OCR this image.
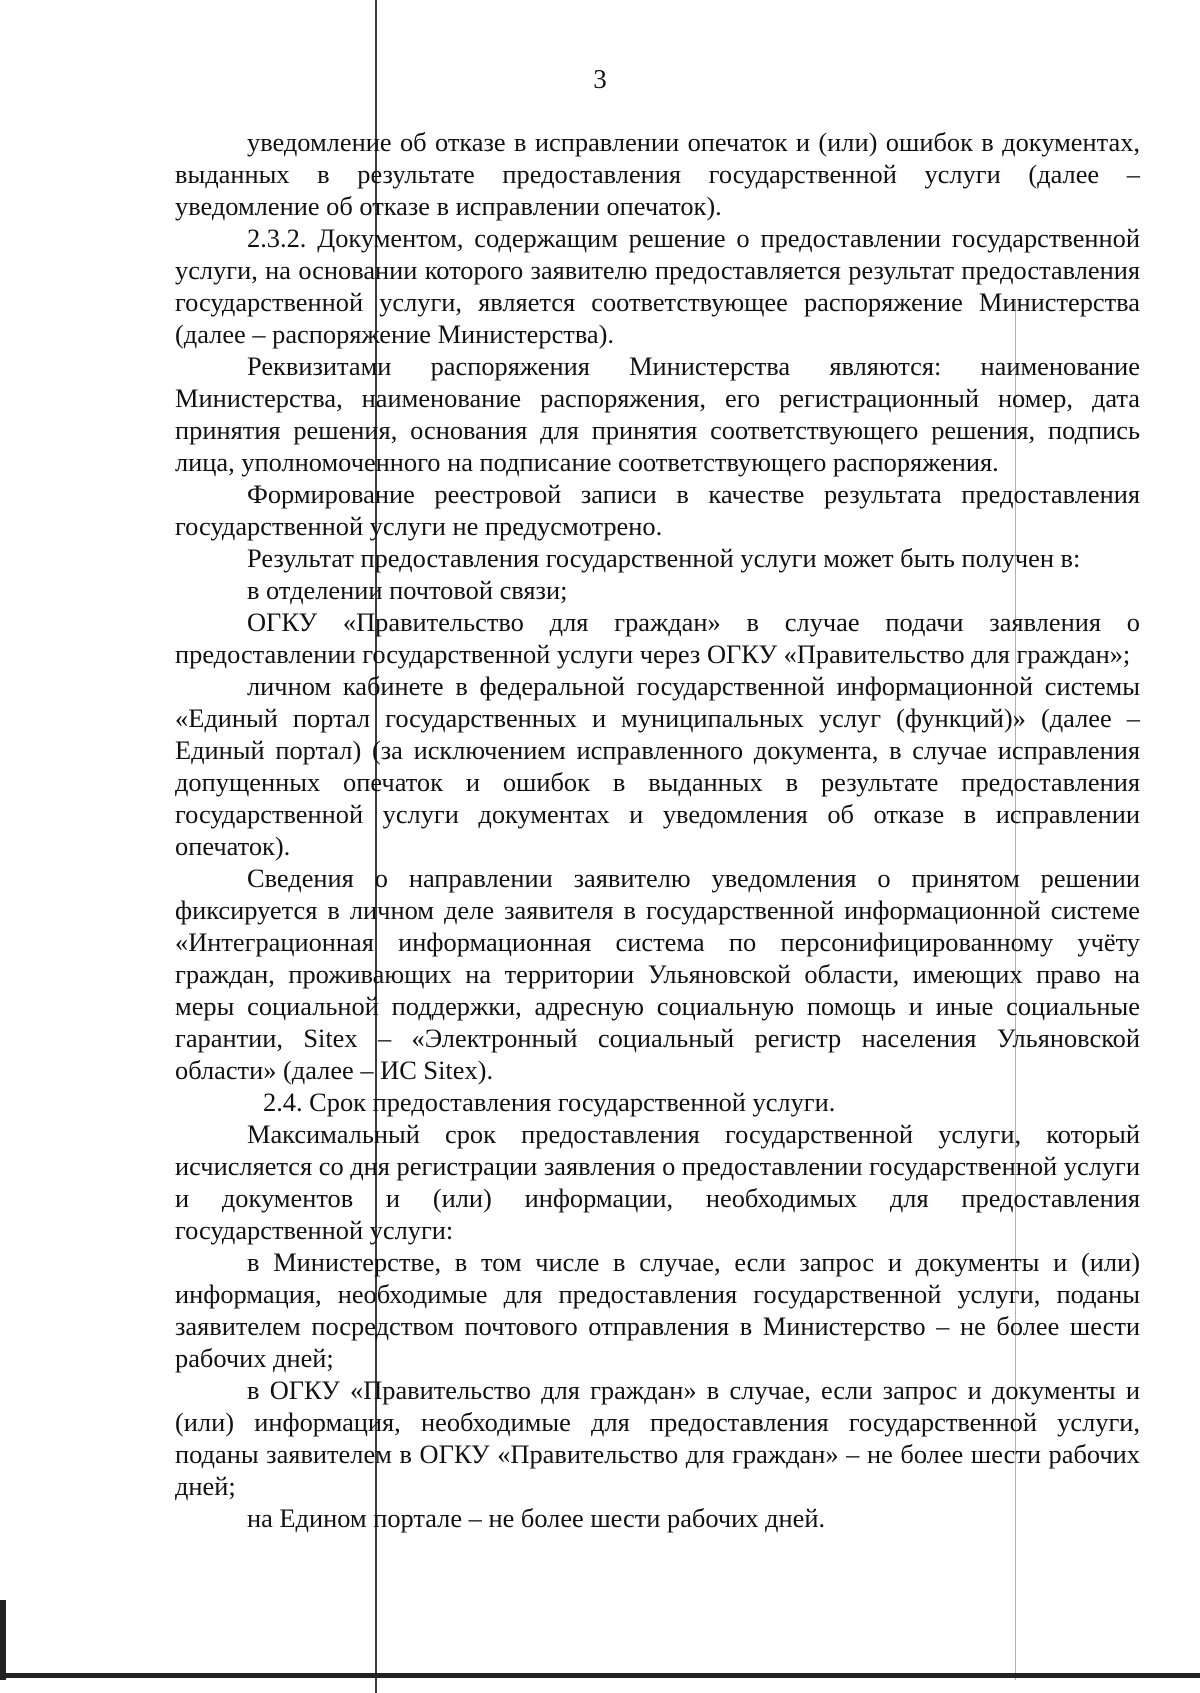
3

уведомление об отказе в исправлении опечаток и (или) ошибок в документах, выданных в результате предоставления государственной услуги (далее – уведомление об отказе в исправлении опечаток).

2.3.2. Документом, содержащим решение о предоставлении государственной услуги, на основании которого заявителю предоставляется результат предоставления государственной услуги, является соответствующее распоряжение Министерства (далее – распоряжение Министерства).

Реквизитами распоряжения Министерства являются: наименование Министерства, наименование распоряжения, его регистрационный номер, дата принятия решения, основания для принятия соответствующего решения, подпись лица, уполномоченного на подписание соответствующего распоряжения.

Формирование реестровой записи в качестве результата предоставления государственной услуги не предусмотрено.

Результат предоставления государственной услуги может быть получен в:

в отделении почтовой связи;

ОГКУ «Правительство для граждан» в случае подачи заявления о предоставлении государственной услуги через ОГКУ «Правительство для граждан»;

личном кабинете в федеральной государственной информационной системы «Единый портал государственных и муниципальных услуг (функций)» (далее – Единый портал) (за исключением исправленного документа, в случае исправления допущенных опечаток и ошибок в выданных в результате предоставления государственной услуги документах и уведомления об отказе в исправлении опечаток).

Сведения о направлении заявителю уведомления о принятом решении фиксируется в личном деле заявителя в государственной информационной системе «Интеграционная информационная система по персонифицированному учёту граждан, проживающих на территории Ульяновской области, имеющих право на меры социальной поддержки, адресную социальную помощь и иные социальные гарантии, Sitex – «Электронный социальный регистр населения Ульяновской области» (далее – ИС Sitex).

2.4. Срок предоставления государственной услуги.

Максимальный срок предоставления государственной услуги, который исчисляется со дня регистрации заявления о предоставлении государственной услуги и документов и (или) информации, необходимых для предоставления государственной услуги:

в Министерстве, в том числе в случае, если запрос и документы и (или) информация, необходимые для предоставления государственной услуги, поданы заявителем посредством почтового отправления в Министерство – не более шести рабочих дней;

в ОГКУ «Правительство для граждан» в случае, если запрос и документы и (или) информация, необходимые для предоставления государственной услуги, поданы заявителем в ОГКУ «Правительство для граждан» – не более шести рабочих дней;

на Едином портале – не более шести рабочих дней.
